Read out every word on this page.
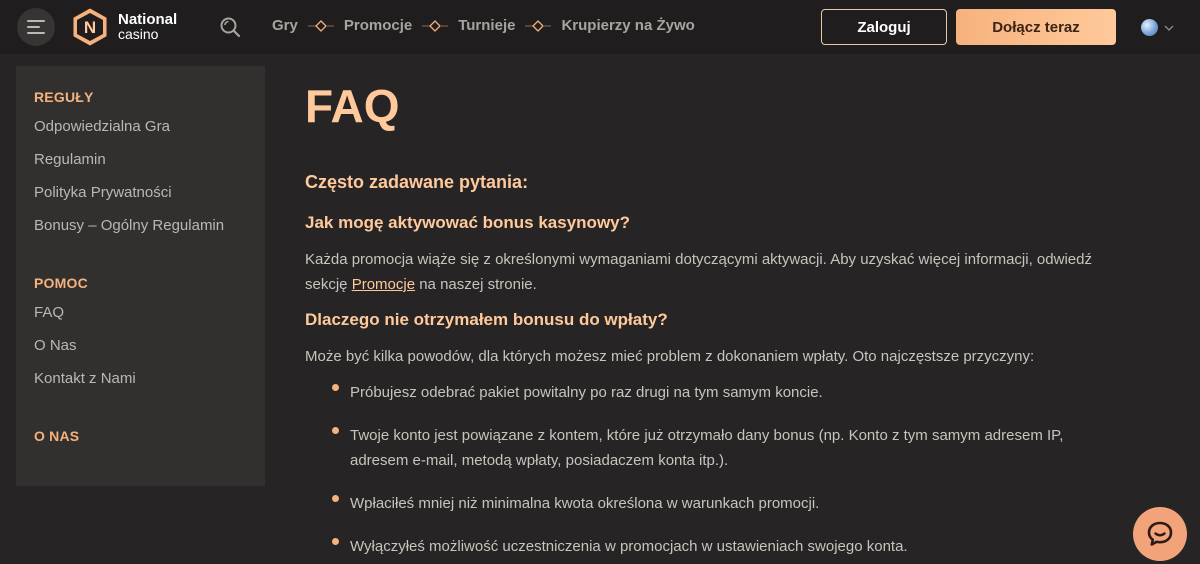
N National
casino	Gry	Promocje	Turnieje	Krupierzy na Żywo	Zaloguj	Dołącz teraz
REGUŁY
Odpowiedzialna Gra
Regulamin
Polityka Prywatności
Bonusy – Ogólny Regulamin
POMOC
FAQ
O Nas
Kontakt z Nami
O NAS
FAQ
Często zadawane pytania:
Jak mogę aktywować bonus kasynowy?

Każda promocja wiąże się z określonymi wymaganiami dotyczącymi aktywacji. Aby uzyskać więcej informacji, odwiedź sekcję Promocje na naszej stronie.

Dlaczego nie otrzymałem bonusu do wpłaty?

Może być kilka powodów, dla których możesz mieć problem z dokonaniem wpłaty. Oto najczęstsze przyczyny:

Próbujesz odebrać pakiet powitalny po raz drugi na tym samym koncie.
Twoje konto jest powiązane z kontem, które już otrzymało dany bonus (np. Konto z tym samym adresem IP, adresem e-mail, metodą wpłaty, posiadaczem konta itp.).
Wpłaciłeś mniej niż minimalna kwota określona w warunkach promocji.
Wyłączyłeś możliwość uczestniczenia w promocjach w ustawieniach swojego konta.
